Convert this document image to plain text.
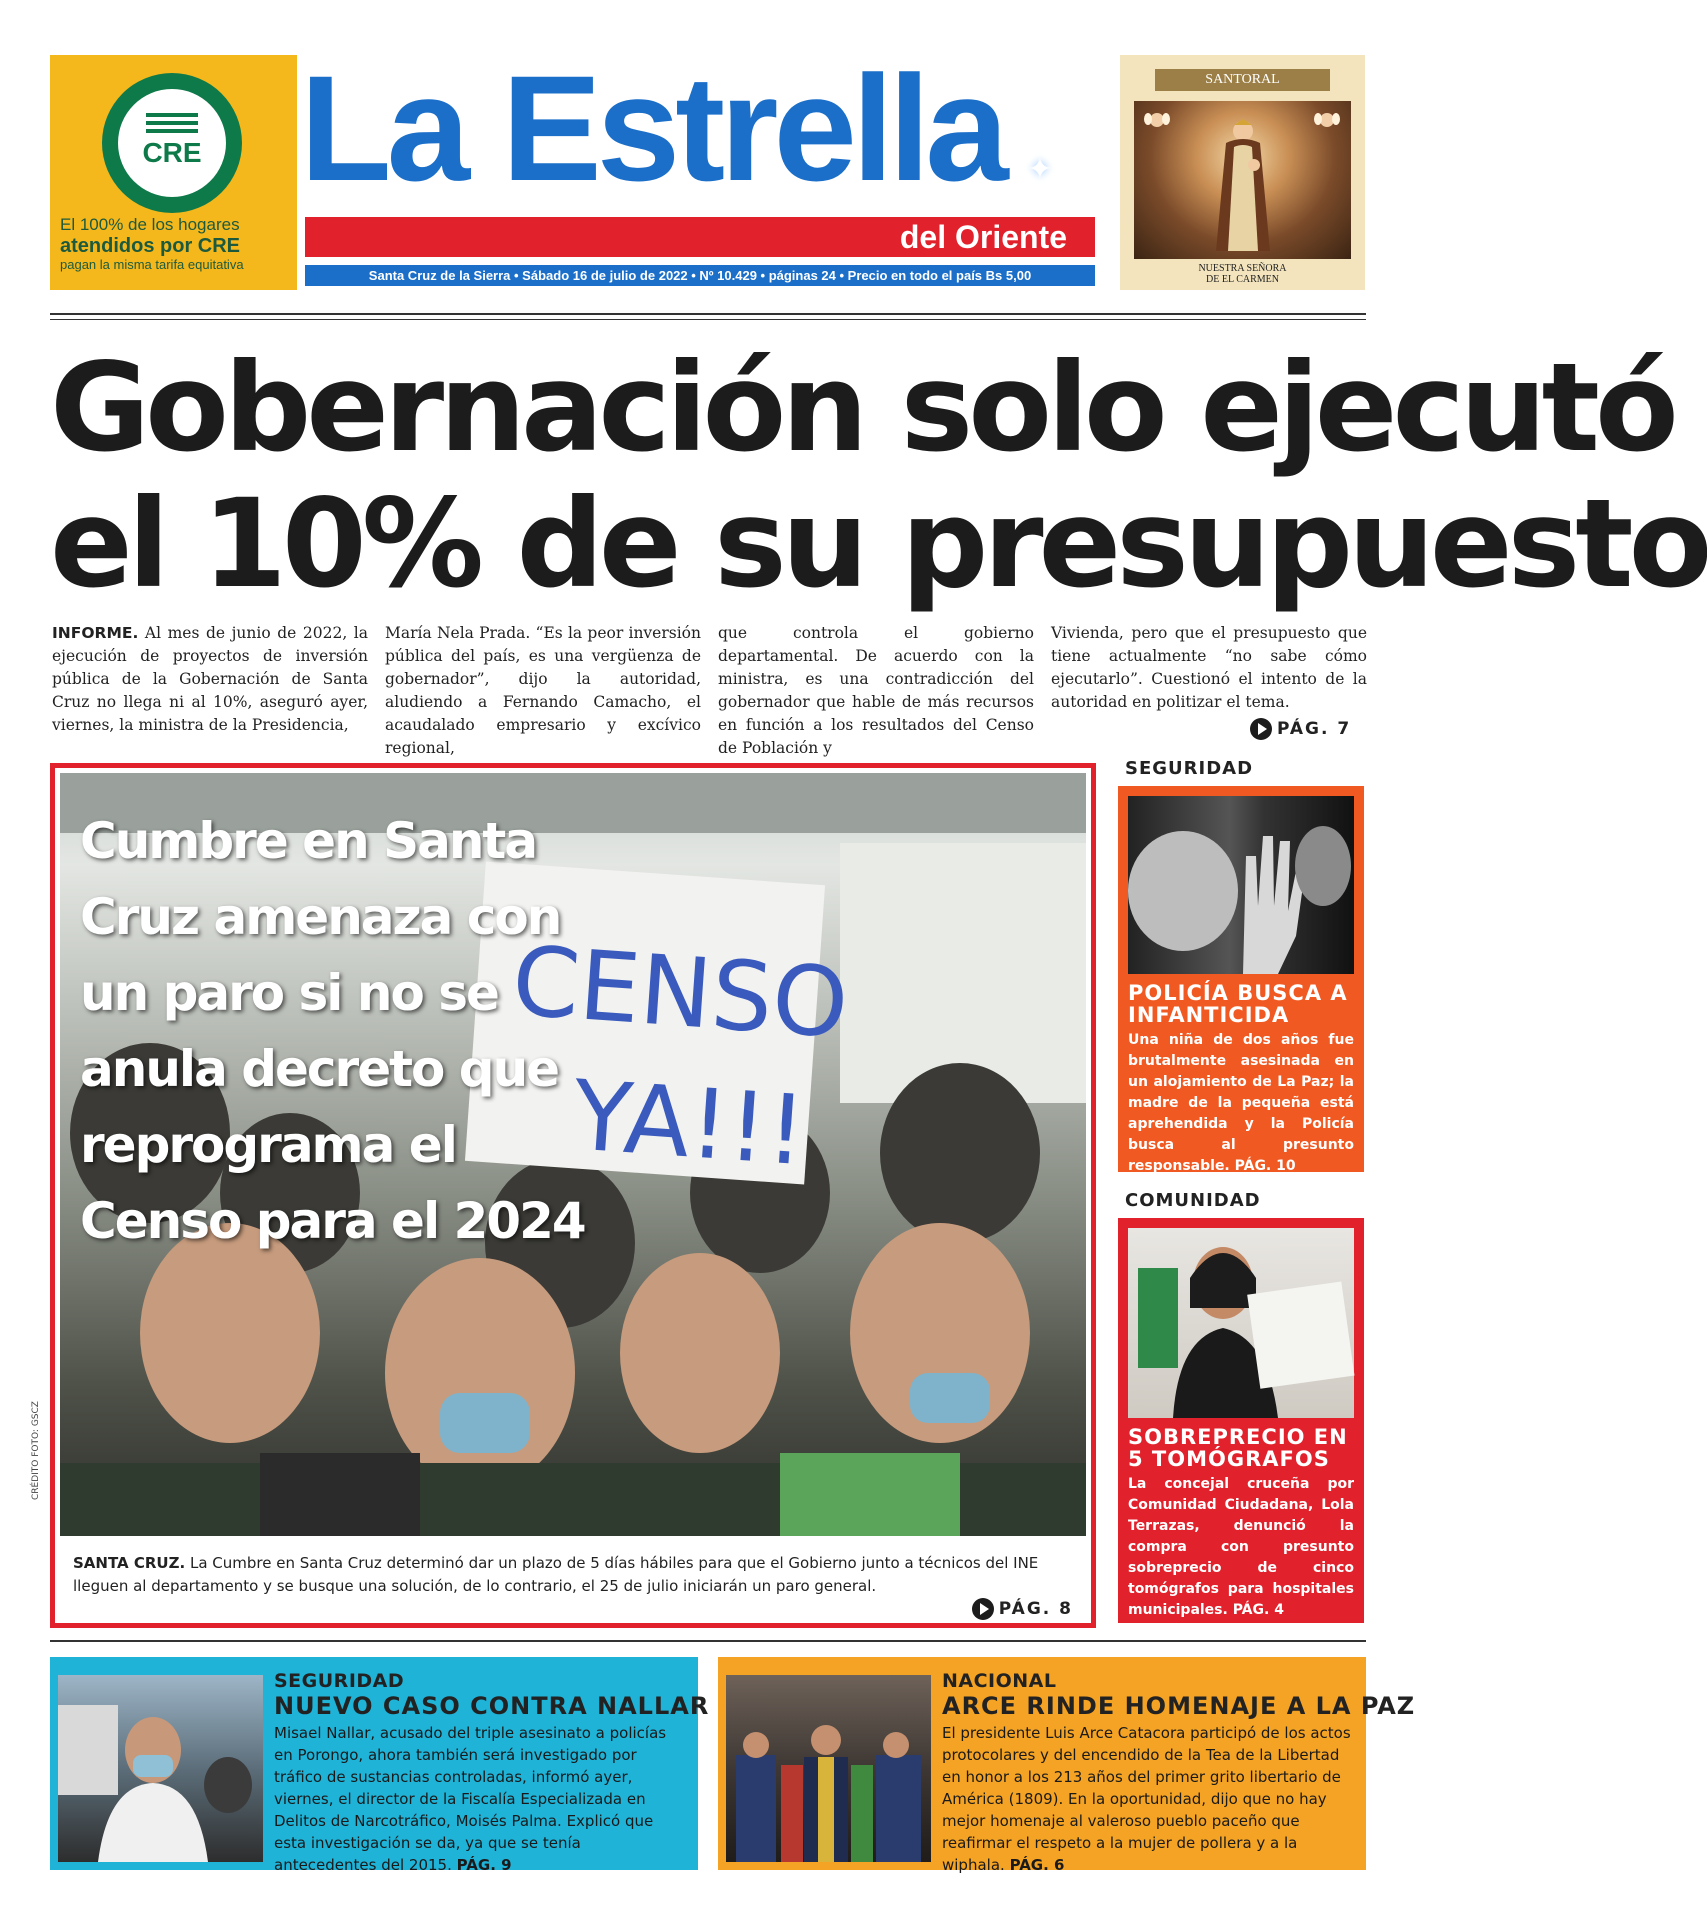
CRE
El 100% de los hogares
atendidos por CRE
pagan la misma tarifa equitativa
La Estrella ✦
del Oriente
Santa Cruz de la Sierra • Sábado 16 de julio de 2022 • Nº 10.429 • páginas 24 • Precio en todo el país Bs 5,00
SANTORAL
NUESTRA SEÑORA
DE EL CARMEN
Gobernación solo ejecutó
el 10% de su presupuesto
INFORME. Al mes de junio de 2022, la ejecución de proyectos de inversión pública de la Gobernación de Santa Cruz no llega ni al 10%, aseguró ayer, viernes, la ministra de la Presidencia,
María Nela Prada. “Es la peor inversión pública del país, es una vergüenza de gobernador”, dijo la autoridad, aludiendo a Fernando Camacho, el acaudalado empresario y excívico regional,
que controla el gobierno departamental. De acuerdo con la ministra, es una contradicción del gobernador que hable de más recursos en función a los resultados del Censo de Población y
Vivienda, pero que el presupuesto que tiene actualmente “no sabe cómo ejecutarlo”. Cuestionó el intento de la autoridad en politizar el tema.
PÁG. 7
CENSO
YA!!!
Cumbre en Santa Cruz amenaza con un paro si no se anula decreto que reprograma el Censo para el 2024
SANTA CRUZ. La Cumbre en Santa Cruz determinó dar un plazo de 5 días hábiles para que el Gobierno junto a técnicos del INE lleguen al departamento y se busque una solución, de lo contrario, el 25 de julio iniciarán un paro general.
PÁG. 8
CRÉDITO FOTO: GSCZ
SEGURIDAD
POLICÍA BUSCA A INFANTICIDA
Una niña de dos años fue brutalmente asesinada en un alojamiento de La Paz; la madre de la pequeña está aprehendida y la Policía busca al presunto responsable. PÁG. 10
COMUNIDAD
SOBREPRECIO EN 5 TOMÓGRAFOS
La concejal cruceña por Comunidad Ciudadana, Lola Terrazas, denunció la compra con presunto sobreprecio de cinco tomógrafos para hospitales municipales. PÁG. 4
SEGURIDAD
NUEVO CASO CONTRA NALLAR
Misael Nallar, acusado del triple asesinato a policías en Porongo, ahora también será investigado por tráfico de sustancias controladas, informó ayer, viernes, el director de la Fiscalía Especializada en Delitos de Narcotráfico, Moisés Palma. Explicó que esta investigación se da, ya que se tenía antecedentes del 2015. PÁG. 9
NACIONAL
ARCE RINDE HOMENAJE A LA PAZ
El presidente Luis Arce Catacora participó de los actos protocolares y del encendido de la Tea de la Libertad en honor a los 213 años del primer grito libertario de América (1809). En la oportunidad, dijo que no hay mejor homenaje al valeroso pueblo paceño que reafirmar el respeto a la mujer de pollera y a la wiphala. PÁG. 6
